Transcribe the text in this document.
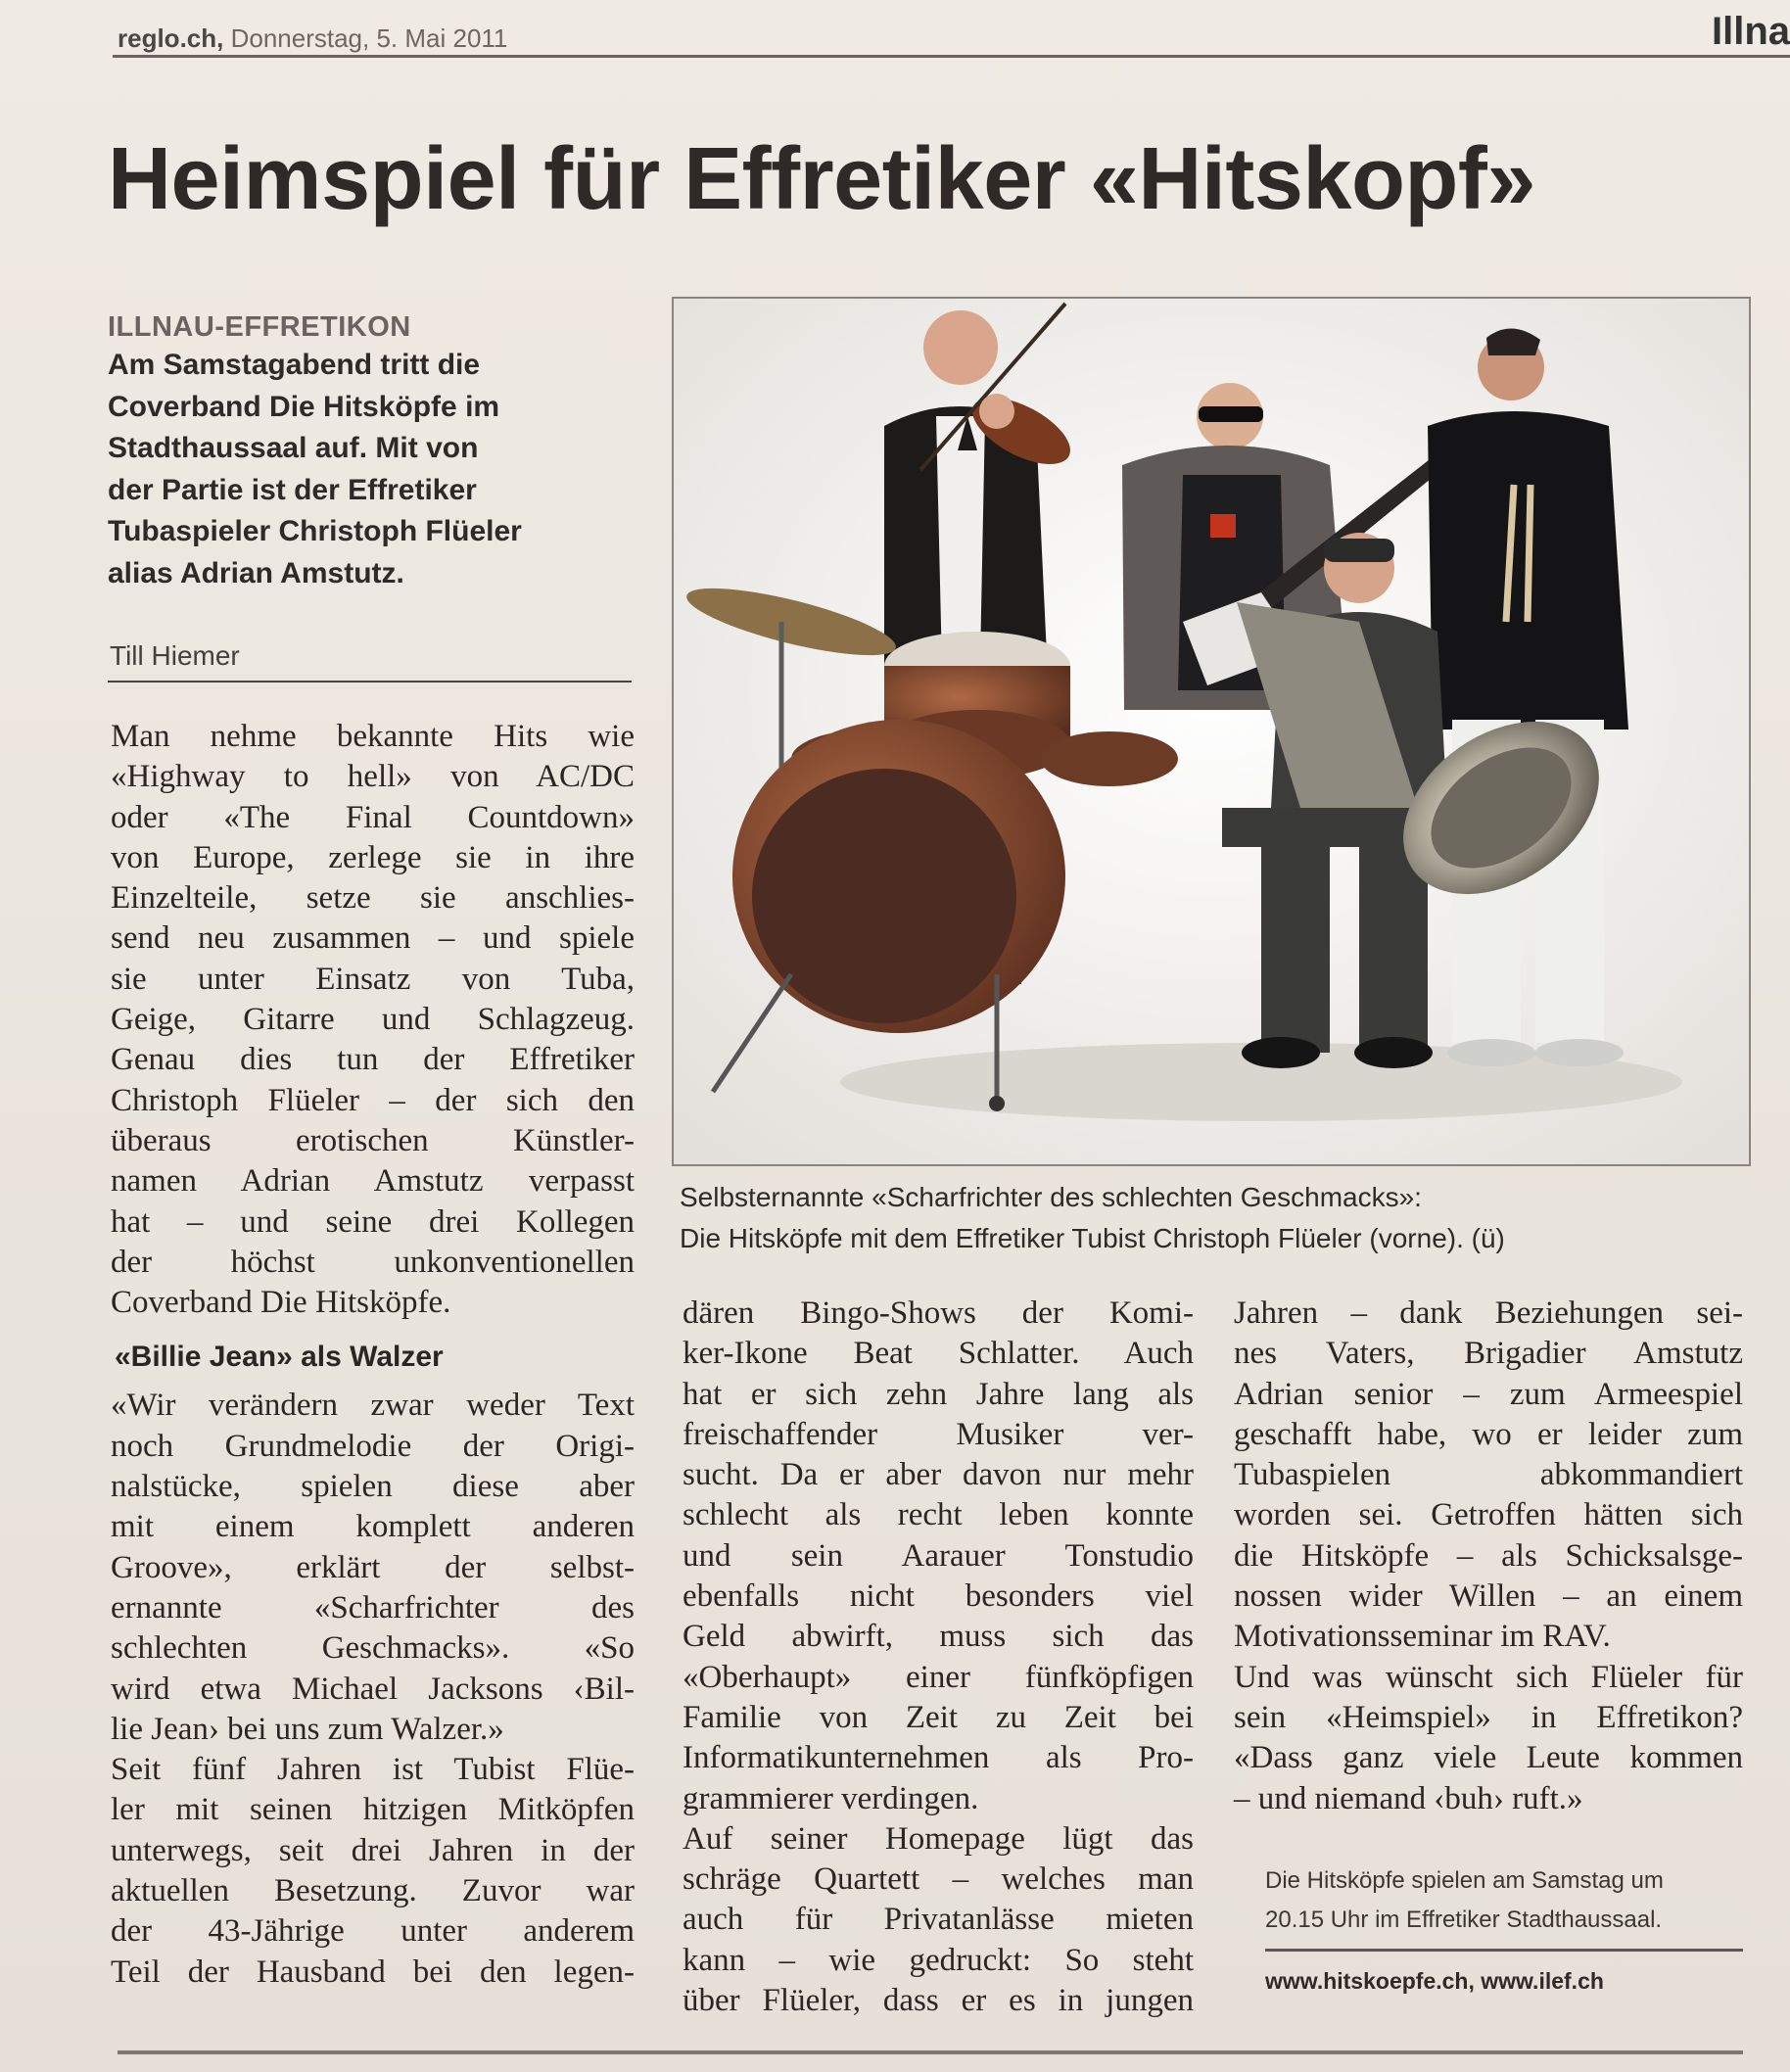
reglo.ch, Donnerstag, 5. Mai 2011	Illna
Heimspiel für Effretiker «Hitskopf»
ILLNAU-EFFRETIKON
Am Samstagabend tritt die
Coverband Die Hitsköpfe im
Stadthaussaal auf. Mit von
der Partie ist der Effretiker
Tubaspieler Christoph Flüeler
alias Adrian Amstutz.
Till Hiemer
Man nehme bekannte Hits wie
«Highway to hell» von AC/DC
oder «The Final Countdown»
von Europe, zerlege sie in ihre
Einzelteile, setze sie anschlies-
send neu zusammen – und spiele
sie unter Einsatz von Tuba,
Geige, Gitarre und Schlagzeug.
Genau dies tun der Effretiker
Christoph Flüeler – der sich den
überaus erotischen Künstler-
namen Adrian Amstutz verpasst
hat – und seine drei Kollegen
der höchst unkonventionellen
Coverband Die Hitsköpfe.
«Billie Jean» als Walzer
«Wir verändern zwar weder Text
noch Grundmelodie der Origi-
nalstücke, spielen diese aber
mit einem komplett anderen
Groove», erklärt der selbst-
ernannte «Scharfrichter des
schlechten Geschmacks». «So
wird etwa Michael Jacksons ‹Bil-
lie Jean› bei uns zum Walzer.»
Seit fünf Jahren ist Tubist Flüe-
ler mit seinen hitzigen Mitköpfen
unterwegs, seit drei Jahren in der
aktuellen Besetzung. Zuvor war
der 43-Jährige unter anderem
Teil der Hausband bei den legen-
Selbsternannte «Scharfrichter des schlechten Geschmacks»:
Die Hitsköpfe mit dem Effretiker Tubist Christoph Flüeler (vorne). (ü)
dären Bingo-Shows der Komi-
ker-Ikone Beat Schlatter. Auch
hat er sich zehn Jahre lang als
freischaffender Musiker ver-
sucht. Da er aber davon nur mehr
schlecht als recht leben konnte
und sein Aarauer Tonstudio
ebenfalls nicht besonders viel
Geld abwirft, muss sich das
«Oberhaupt» einer fünfköpfigen
Familie von Zeit zu Zeit bei
Informatikunternehmen als Pro-
grammierer verdingen.
Auf seiner Homepage lügt das
schräge Quartett – welches man
auch für Privatanlässe mieten
kann – wie gedruckt: So steht
über Flüeler, dass er es in jungen
Jahren – dank Beziehungen sei-
nes Vaters, Brigadier Amstutz
Adrian senior – zum Armeespiel
geschafft habe, wo er leider zum
Tubaspielen abkommandiert
worden sei. Getroffen hätten sich
die Hitsköpfe – als Schicksalsge-
nossen wider Willen – an einem
Motivationsseminar im RAV.
Und was wünscht sich Flüeler für
sein «Heimspiel» in Effretikon?
«Dass ganz viele Leute kommen
– und niemand ‹buh› ruft.»
Die Hitsköpfe spielen am Samstag um
20.15 Uhr im Effretiker Stadthaussaal.
www.hitskoepfe.ch, www.ilef.ch
